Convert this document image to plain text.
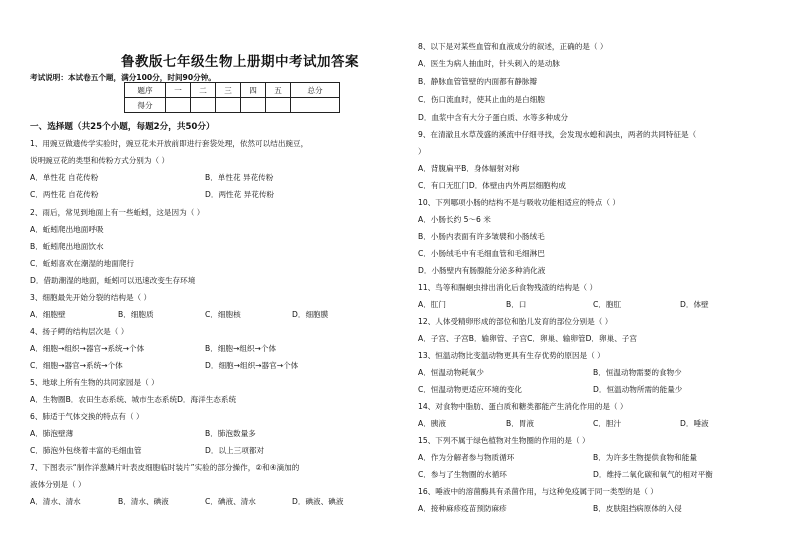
鲁教版七年级生物上册期中考试加答案
考试说明：本试卷五个题，满分100分，时间90分钟。
题序	一	二	三	四	五	总分
得分						
一、选择题（共25个小题，每题2分，共50分）
1、用豌豆做遗传学实验时，豌豆花未开放前即进行套袋处理，依然可以结出豌豆，
说明豌豆花的类型和传粉方式分别为（ ）
A．单性花 自花传粉	B．单性花 异花传粉
C．两性花 自花传粉	D．两性花 异花传粉
2、雨后，常见到地面上有一些蚯蚓，这是因为（ ）
A．蚯蚓爬出地面呼吸
B．蚯蚓爬出地面饮水
C．蚯蚓喜欢在潮湿的地面爬行
D．借助潮湿的地面，蚯蚓可以迅速改变生存环境
3、细胞最先开始分裂的结构是（ ）
A．细胞壁	B．细胞质	C．细胞核	D．细胞膜
4、扬子鳄的结构层次是（ ）
A．细胞→组织→器官→系统→个体	B．细胞→组织→个体
C．细胞→器官→系统→个体	D．细胞→组织→器官→个体
5、地球上所有生物的共同家园是（ ）
A．生物圈B．农田生态系统、城市生态系统D．海洋生态系统
6、肺适于气体交换的特点有（ ）
A．肺泡壁薄	B．肺泡数量多
C．肺泡外包绕着丰富的毛细血管	D．以上三项都对
7、下图表示“制作洋葱鳞片叶表皮细胞临时装片”实验的部分操作，②和④滴加的
液体分别是（ ）
A．清水、清水	B．清水、碘液	C．碘液、清水	D．碘液、碘液
8、以下是对某些血管和血液成分的叙述，正确的是（ ）
A．医生为病人抽血时，针头刺入的是动脉
B．静脉血管管壁的内面都有静脉瓣
C．伤口流血时，使其止血的是白细胞
D．血浆中含有大分子蛋白质、水等多种成分
9、在清澈且水草茂盛的溪流中仔细寻找，会发现水螅和涡虫，两者的共同特征是（
）
A．背腹扁平B．身体辐射对称
C．有口无肛门D．体壁由内外两层细胞构成
10、下列哪项小肠的结构不是与吸收功能相适应的特点（ ）
A．小肠长约 5～6 米
B．小肠内表面有许多皱襞和小肠绒毛
C．小肠绒毛中有毛细血管和毛细淋巴
D．小肠壁内有肠腺能分泌多种消化液
11、鸟等和腸蛔虫排出消化后食物残渣的结构是（ ）
A．肛门	B．口	C．胞肛	D．体壁
12、人体受精卵形成的部位和胎儿发育的部位分别是（ ）
A．子宫、子宫B．输卵管、子宫C．卵巢、输卵管D．卵巢、子宫
13、恒温动物比变温动物更具有生存优势的原因是（ ）
A．恒温动物耗氧少	B．恒温动物需要的食物少
C．恒温动物更适应环境的变化	D．恒温动物所需的能量少
14、对食物中脂肪、蛋白质和糖类都能产生消化作用的是（ ）
A．胰液	B．胃液	C．胆汁	D．唾液
15、下列不属于绿色植物对生物圈的作用的是（ ）
A．作为分解者参与物质循环	B．为许多生物提供食物和能量
C．参与了生物圈的水循环	D．维持二氧化碳和氧气的相对平衡
16、唾液中的溶菌酶具有杀菌作用，与这种免疫属于同一类型的是（ ）
A．接种麻疹疫苗预防麻疹	B．皮肤阻挡病原体的入侵
